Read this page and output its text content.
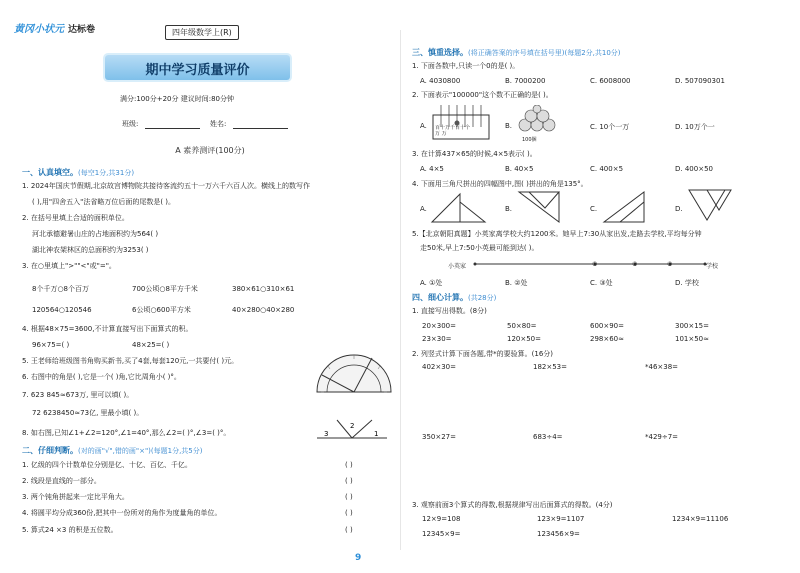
黄冈小状元 达标卷	四年级数学上(R)
期中学习质量评价
满分:100分+20分 建议时间:80分钟
班级:	姓名:
A 素养测评(100分)
一、认真填空。(每空1分,共31分)
1. 2024年国庆节假期,北京故宫博物院共接待客流约五十一万六千六百人次。横线上的数写作
( ),用"四舍五入"法省略万位后面的尾数是( )。
2. 在括号里填上合适的面积单位。
河北承德避暑山庄的占地面积约为564( )
湖北神农架林区的总面积约为3253( )
3. 在○里填上">""<"或"="。
8个千万○8个百万	700公顷○8平方千米	380×61○310×61
120564○120546	6公顷○600平方米	40×280○40×280
4. 根据48×75=3600,不计算直接写出下面算式的积。
96×75=( )	48×25=( )
5. 王老师给班级图书角购买新书,买了4套,每套120元,一共要付( )元。
6. 右图中的角是( ),它是一个( )角,它比周角小( )°。
7. 623 845≈673万, 里可以填( )。
72 6238450≈73亿, 里最小填( )。
8. 如右图,已知∠1+∠2=120°,∠1=40°,那么∠2=( )°,∠3=( )°。	3
2
1
二、仔细判断。(对的画"√",错的画"×")(每题1分,共5分)
1. 亿级的四个计数单位分别是亿、十亿、百亿、千亿。
2. 线段是直线的一部分。
3. 两个钝角拼起来一定比平角大。
4. 将圆平均分成360份,把其中一份所对的角作为度量角的单位。
5. 算式24 ×3 的积是五位数。
( )
( )
( )
( )
( )
三、慎重选择。(将正确答案的序号填在括号里)(每题2分,共10分)
1. 下面各数中,只读一个0的是( )。
A. 4030800	B. 7000200	C. 6008000	D. 507090301
2. 下面表示"100000"这个数不正确的是( )。
A. 百十万千百十个
万 万
B.
100捆
C. 10个一万	D. 10万个一
3. 在计算437×65的时候,4×5表示( )。
A. 4×5	B. 40×5	C. 400×5	D. 400×50
4. 下面用三角尺拼出的四幅图中,图( )拼出的角是135°。
A.	B.	C.	D.
5.【北京朝阳真题】小英家离学校大约1200米。她早上7:30从家出发,走路去学校,平均每分钟
走50米,早上7:50小英最可能到达( )。
小英家	①	②	③	学校
A. ①处	B. ②处	C. ③处	D. 学校
四、细心计算。(共28分)
1. 直接写出得数。(8分)
20×300=	50×80=	600×90=	300×15=
23×30=	120×50=	298×60≈	101×50≈
2. 列竖式计算下面各题,带*的要验算。(16分)
402×30=	182×53=	*46×38=
350×27=	683÷4=	*429÷7=
3. 观察前面3个算式的得数,根据规律写出后面算式的得数。(4分)
12×9=108	123×9=1107	1234×9=11106
12345×9=	123456×9=
9
